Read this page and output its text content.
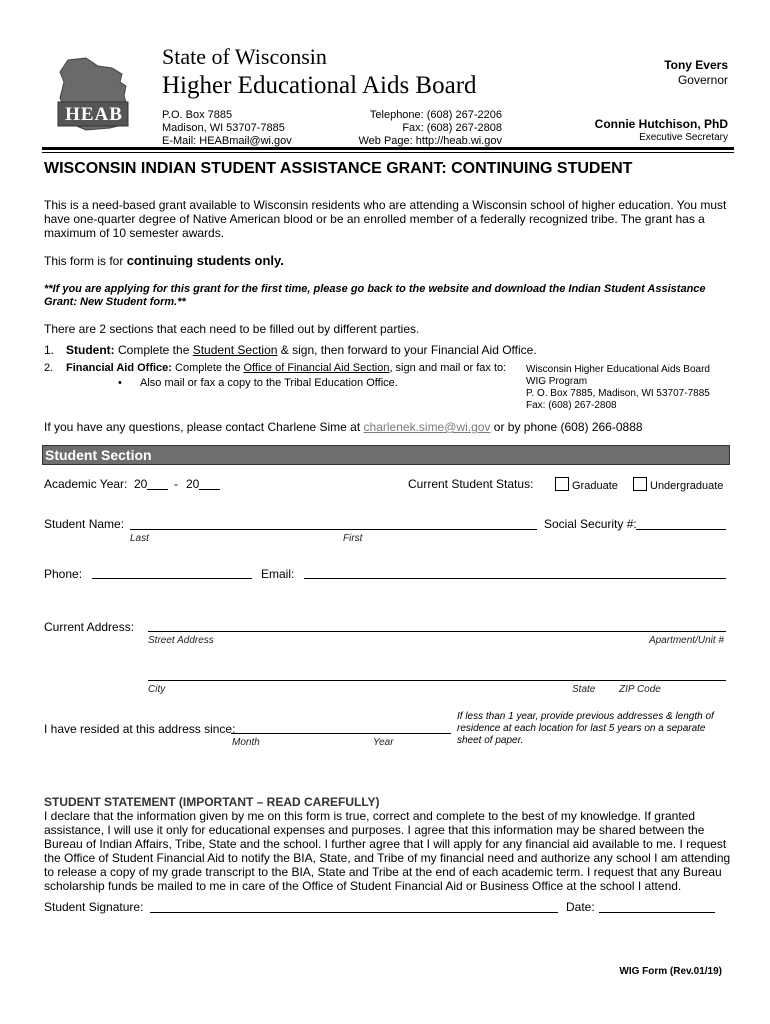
HEAB
State of Wisconsin
Higher Educational Aids Board
P.O. Box 7885
Madison, WI 53707-7885
E-Mail: HEABmail@wi.gov
Telephone: (608) 267-2206
Fax: (608) 267-2808
Web Page: http://heab.wi.gov
Tony Evers
Governor
Connie Hutchison, PhD
Executive Secretary
WISCONSIN INDIAN STUDENT ASSISTANCE GRANT: CONTINUING STUDENT
This is a need-based grant available to Wisconsin residents who are attending a Wisconsin school of higher education. You must have one-quarter degree of Native American blood or be an enrolled member of a federally recognized tribe. The grant has a maximum of 10 semester awards.
This form is for continuing students only.
**If you are applying for this grant for the first time, please go back to the website and download the Indian Student Assistance Grant: New Student form.**
There are 2 sections that each need to be filled out by different parties.
1. Student: Complete the Student Section & sign, then forward to your Financial Aid Office.
2. Financial Aid Office: Complete the Office of Financial Aid Section, sign and mail or fax to:
• Also mail or fax a copy to the Tribal Education Office.
Wisconsin Higher Educational Aids Board
WIG Program
P. O. Box 7885, Madison, WI 53707-7885
Fax: (608) 267-2808
If you have any questions, please contact Charlene Sime at charlenek.sime@wi.gov or by phone (608) 266-0888
Student Section
Academic Year: 20 - 20	Current Student Status:	Graduate	Undergraduate
Student Name:
Last	First
Social Security #:
Phone:	Email:
Current Address:
Street Address	Apartment/Unit #
City	State ZIP Code
I have resided at this address since:
Month	Year
If less than 1 year, provide previous addresses & length of residence at each location for last 5 years on a separate sheet of paper.
STUDENT STATEMENT (IMPORTANT – READ CAREFULLY)
I declare that the information given by me on this form is true, correct and complete to the best of my knowledge. If granted assistance, I will use it only for educational expenses and purposes. I agree that this information may be shared between the Bureau of Indian Affairs, Tribe, State and the school. I further agree that I will apply for any financial aid available to me. I request the Office of Student Financial Aid to notify the BIA, State, and Tribe of my financial need and authorize any school I am attending to release a copy of my grade transcript to the BIA, State and Tribe at the end of each academic term. I request that any Bureau scholarship funds be mailed to me in care of the Office of Student Financial Aid or Business Office at the school I attend.
Student Signature:	Date:
WIG Form (Rev.01/19)
